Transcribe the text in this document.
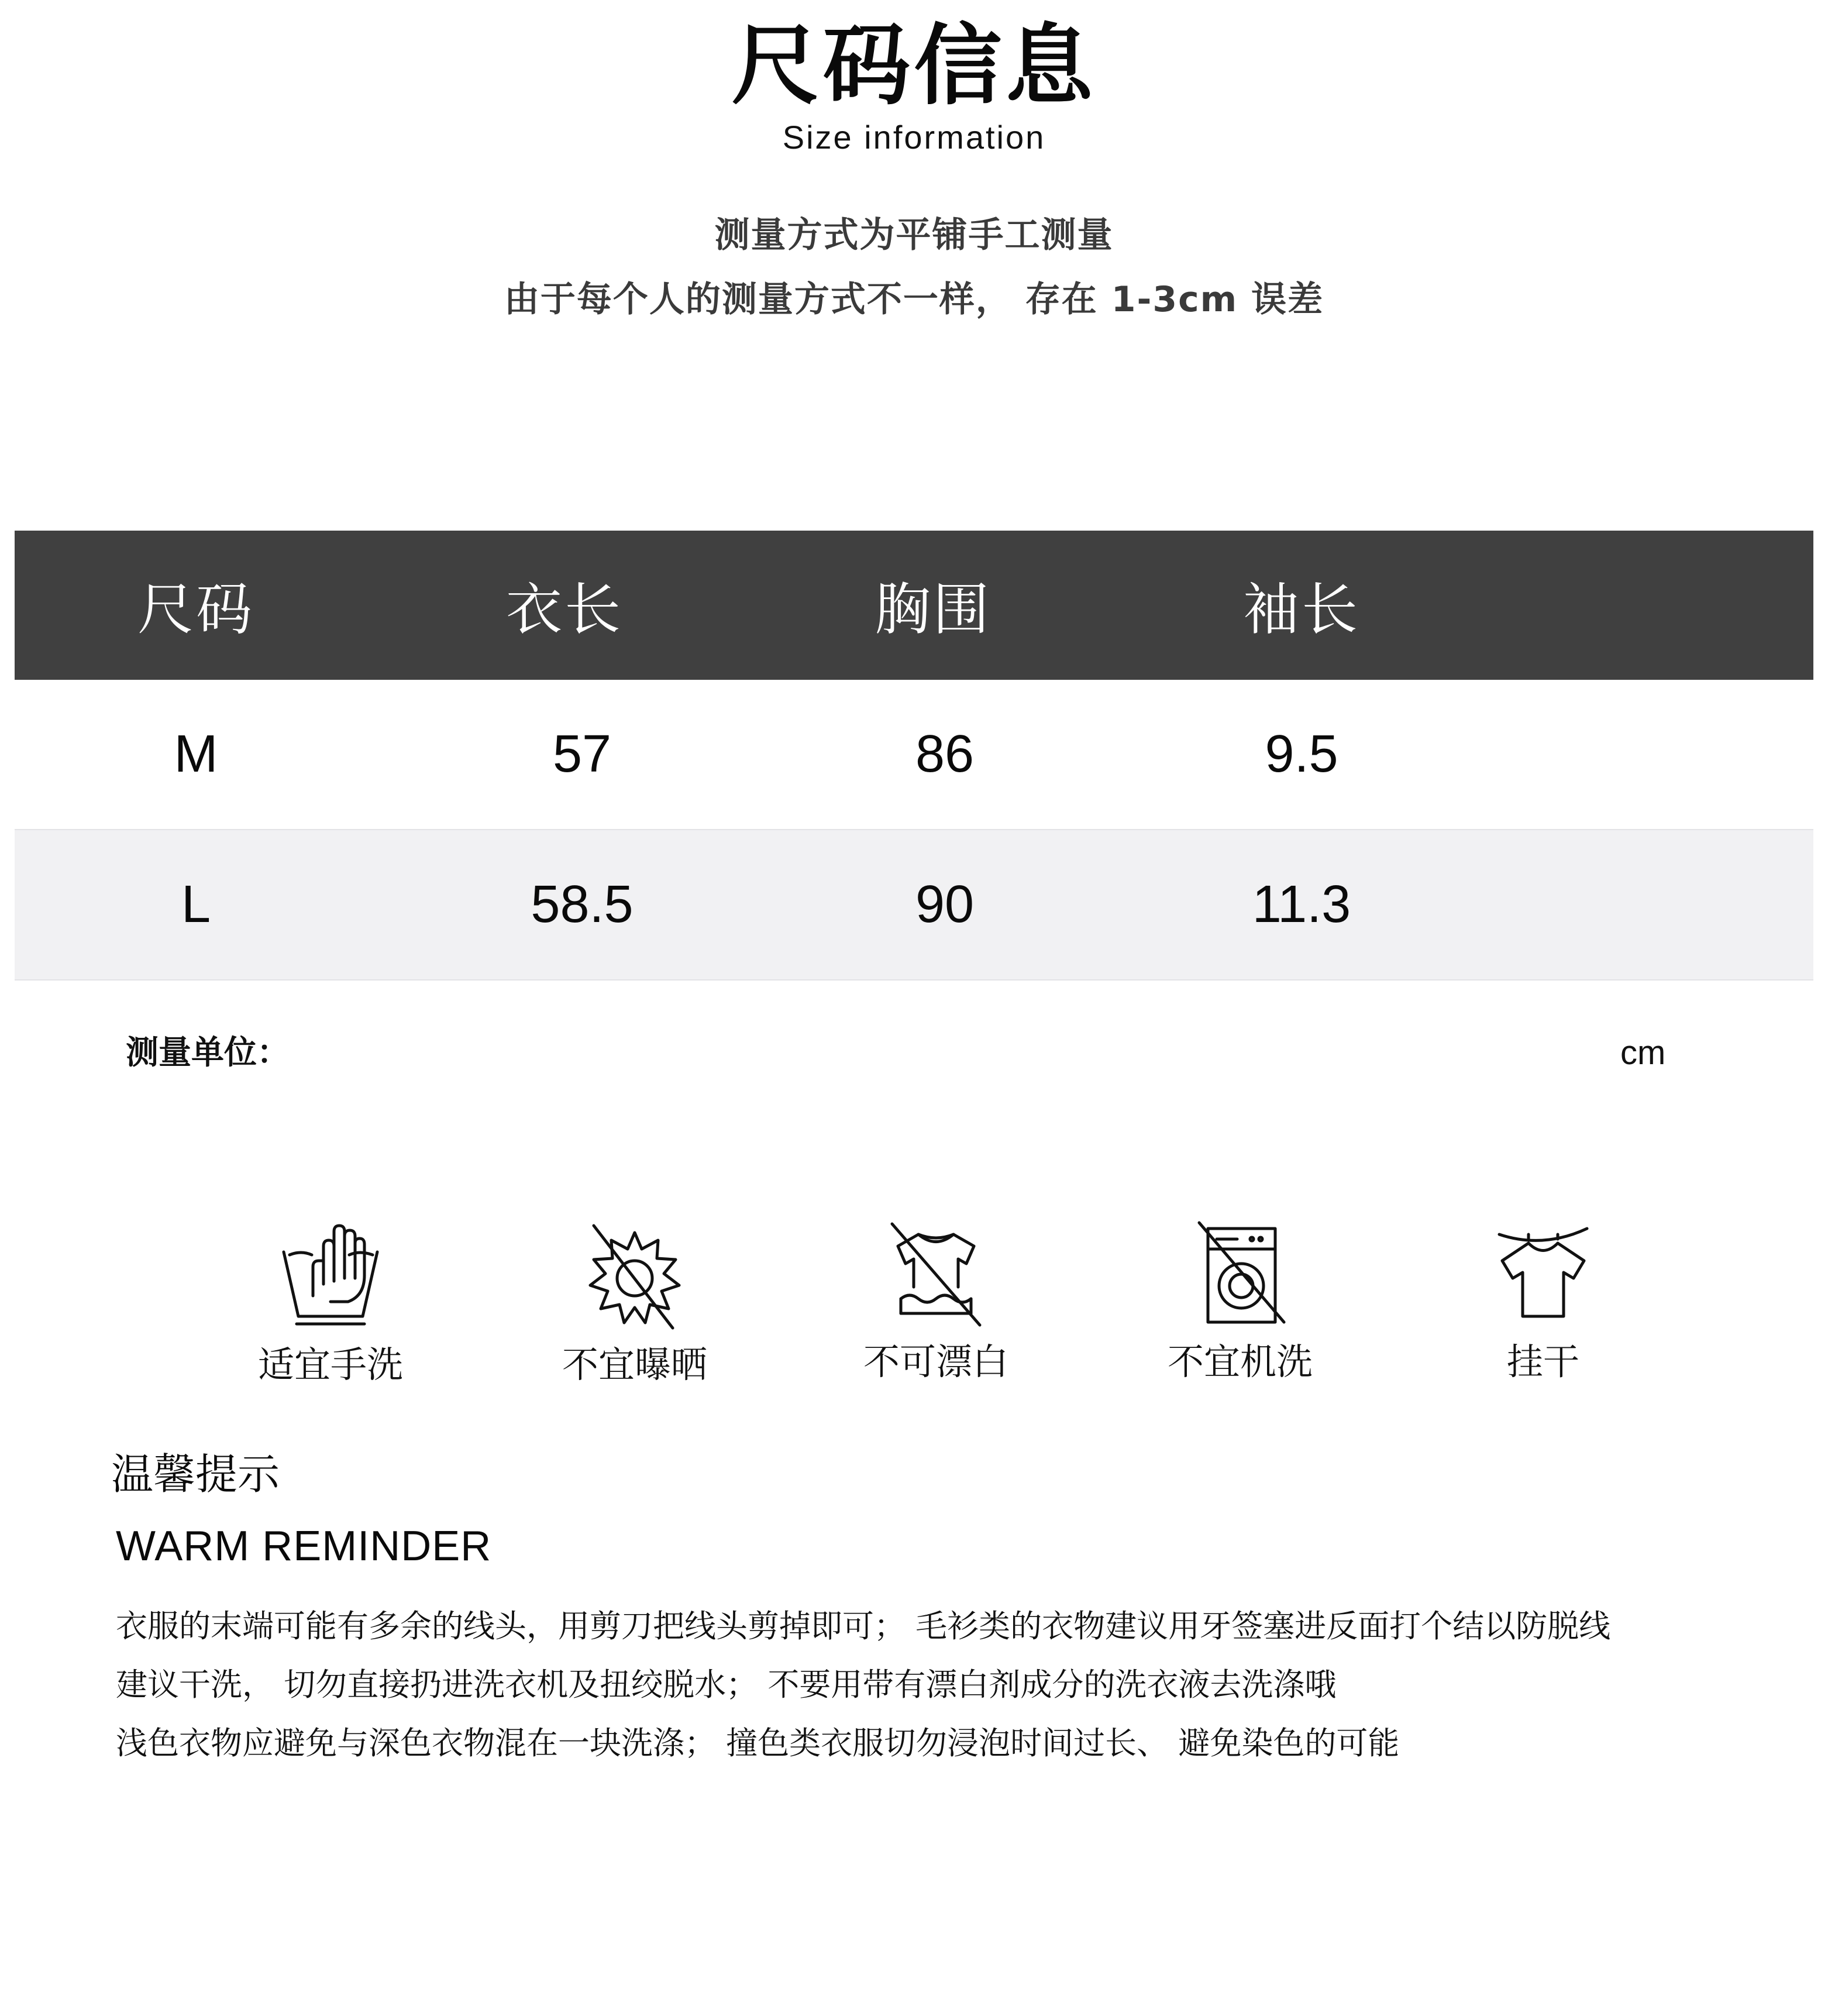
尺码信息
Size information
测量方式为平铺手工测量
由于每个人的测量方式不一样， 存在 1-3cm 误差
尺码	衣长	胸围	袖长
M	57	86	9.5
L	58.5	90	11.3
测量单位：	cm
适宜手洗	不宜曝晒	不可漂白	不宜机洗	挂干
温馨提示
WARM REMINDER
衣服的末端可能有多余的线头，用剪刀把线头剪掉即可； 毛衫类的衣物建议用牙签塞进反面打个结以防脱线
建议干洗， 切勿直接扔进洗衣机及扭绞脱水； 不要用带有漂白剂成分的洗衣液去洗涤哦
浅色衣物应避免与深色衣物混在一块洗涤； 撞色类衣服切勿浸泡时间过长、 避免染色的可能
